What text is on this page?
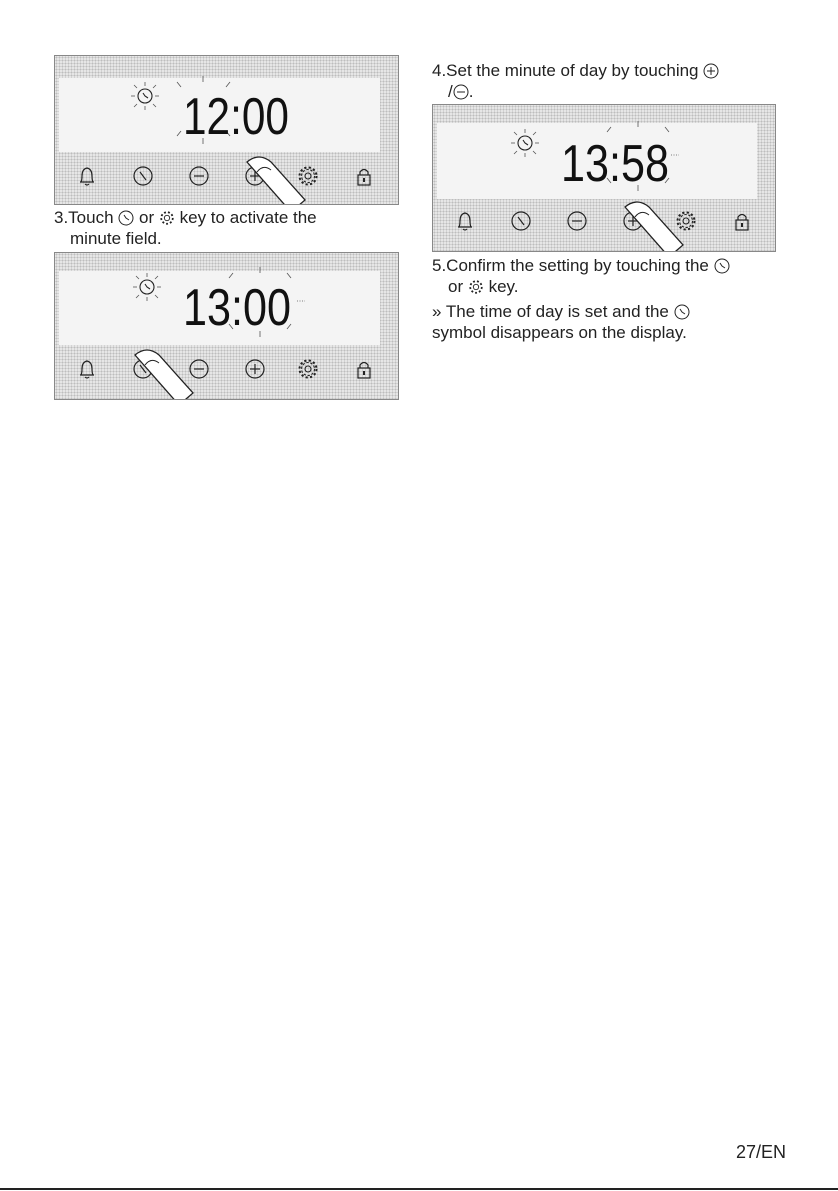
12:00
3.Touch or key to activate the
minute field.
13:00
4.Set the minute of day by touching
/ .
13:58
5.Confirm the setting by touching the
or key.
» The time of day is set and the
symbol disappears on the display.
27/EN
